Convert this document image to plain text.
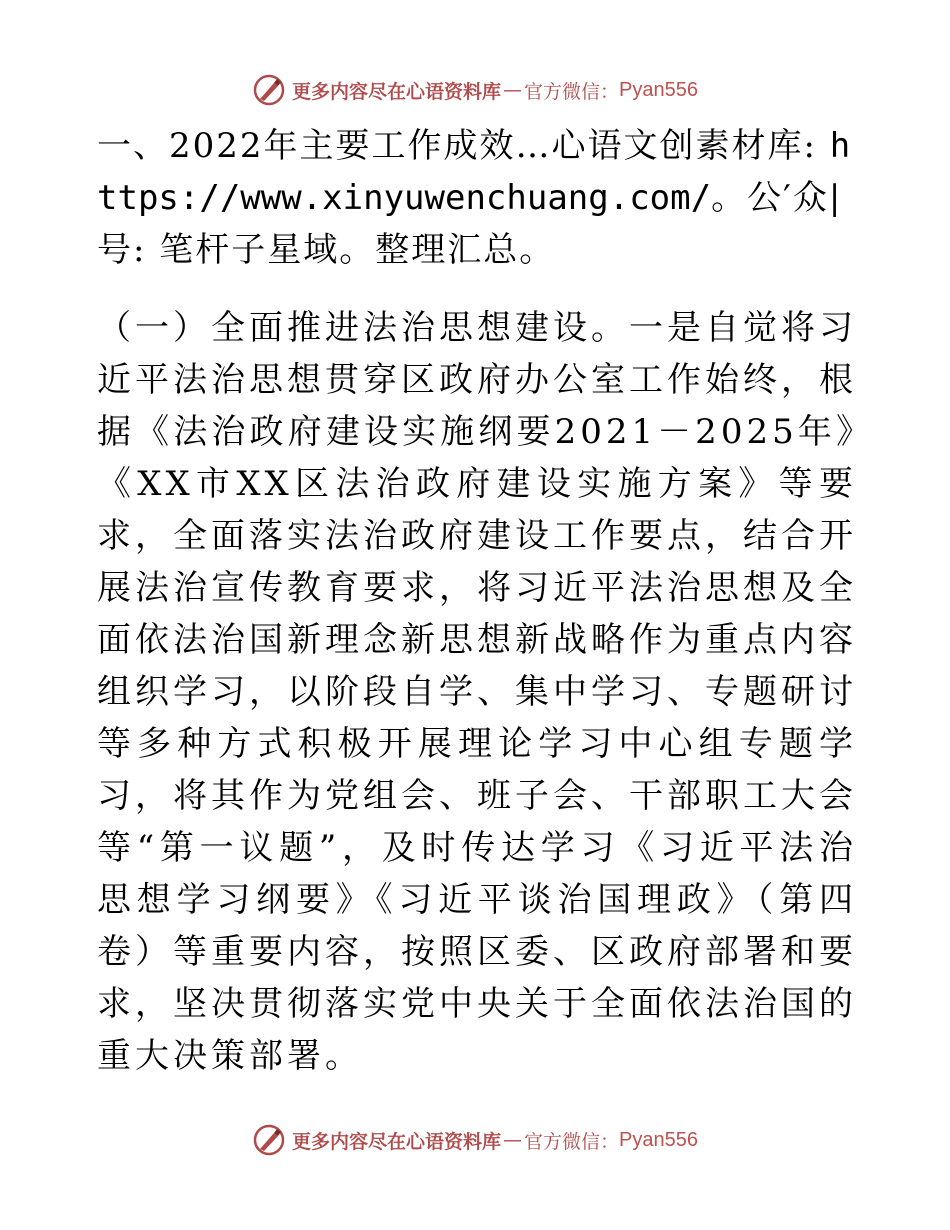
更多内容尽在心语资料库 — 官方微信： Pyan556

一、2022年主要工作成效…心语文创素材库: https://www.xinyuwenchuang.com/。公′众|号: 笔杆子星域。整理汇总。

（一）全面推进法治思想建设。一是自觉将习近平法治思想贯穿区政府办公室工作始终，根据《法治政府建设实施纲要2021－2025年》《XX市XX区法治政府建设实施方案》等要求，全面落实法治政府建设工作要点，结合开展法治宣传教育要求，将习近平法治思想及全面依法治国新理念新思想新战略作为重点内容组织学习，以阶段自学、集中学习、专题研讨等多种方式积极开展理论学习中心组专题学习，将其作为党组会、班子会、干部职工大会等“第一议题”，及时传达学习《习近平法治思想学习纲要》《习近平谈治国理政》（第四卷）等重要内容，按照区委、区政府部署和要求，坚决贯彻落实党中央关于全面依法治国的重大决策部署。

更多内容尽在心语资料库 — 官方微信： Pyan556
